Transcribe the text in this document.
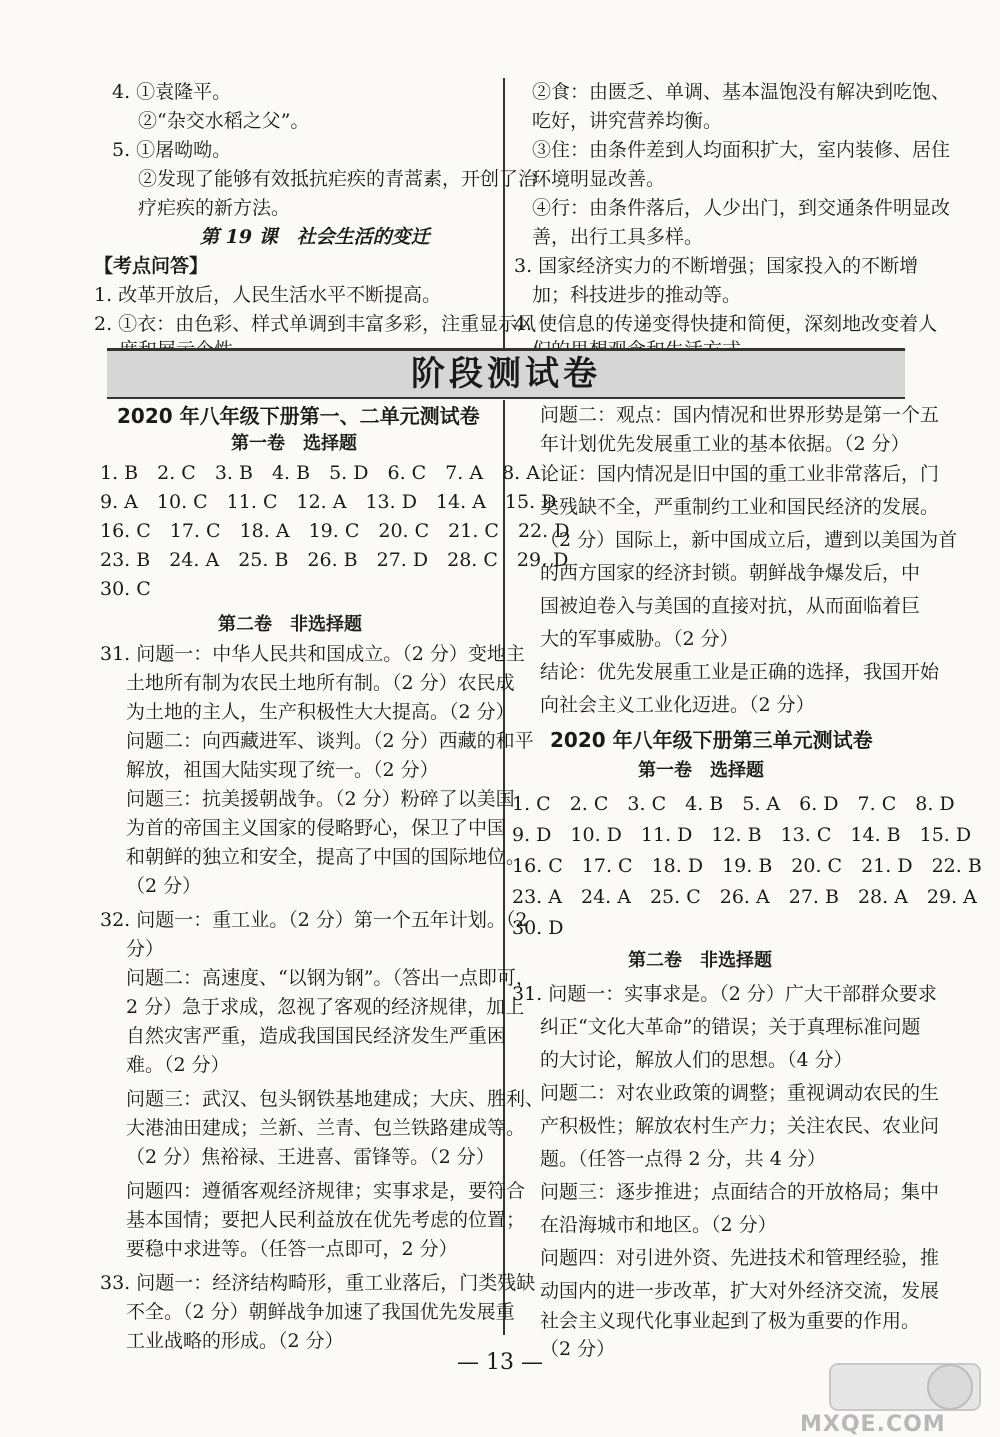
4. ①袁隆平。
②“杂交水稻之父”。
5. ①屠呦呦。
②发现了能够有效抵抗疟疾的青蒿素，开创了治
疗疟疾的新方法。
第 19 课　社会生活的变迁
【考点问答】
1. 改革开放后，人民生活水平不断提高。
2. ①衣：由色彩、样式单调到丰富多彩，注重显示风
②食：由匮乏、单调、基本温饱没有解决到吃饱、
吃好，讲究营养均衡。
③住：由条件差到人均面积扩大，室内装修、居住
环境明显改善。
④行：由条件落后，人少出门，到交通条件明显改
善，出行工具多样。
3. 国家经济实力的不断增强；国家投入的不断增
加；科技进步的推动等。
4. 使信息的传递变得快捷和简便，深刻地改变着人
阶段测试卷
2020 年八年级下册第一、二单元测试卷
第一卷　选择题
1. B　2. C　3. B　4. B　5. D　6. C　7. A　8. A
9. A　10. C　11. C　12. A　13. D　14. A　15. D
16. C　17. C　18. A　19. C　20. C　21. C　22. D
23. B　24. A　25. B　26. B　27. D　28. C　29. D
30. C
第二卷　非选择题
31. 问题一：中华人民共和国成立。（2 分）变地主
土地所有制为农民土地所有制。（2 分）农民成
为土地的主人，生产积极性大大提高。（2 分）
问题二：向西藏进军、谈判。（2 分）西藏的和平
解放，祖国大陆实现了统一。（2 分）
问题三：抗美援朝战争。（2 分）粉碎了以美国
为首的帝国主义国家的侵略野心，保卫了中国
和朝鲜的独立和安全，提高了中国的国际地位。
（2 分）
32. 问题一：重工业。（2 分）第一个五年计划。（2
分）
问题二：高速度、“以钢为钢”。（答出一点即可，
2 分）急于求成，忽视了客观的经济规律，加上
自然灾害严重，造成我国国民经济发生严重困
难。（2 分）
问题三：武汉、包头钢铁基地建成；大庆、胜利、
大港油田建成；兰新、兰青、包兰铁路建成等。
（2 分）焦裕禄、王进喜、雷锋等。（2 分）
问题四：遵循客观经济规律；实事求是，要符合
基本国情；要把人民利益放在优先考虑的位置；
要稳中求进等。（任答一点即可，2 分）
33. 问题一：经济结构畸形，重工业落后，门类残缺
不全。（2 分）朝鲜战争加速了我国优先发展重
工业战略的形成。（2 分）
问题二：观点：国内情况和世界形势是第一个五
年计划优先发展重工业的基本依据。（2 分）
论证：国内情况是旧中国的重工业非常落后，门
类残缺不全，严重制约工业和国民经济的发展。
（2 分）国际上，新中国成立后，遭到以美国为首
的西方国家的经济封锁。朝鲜战争爆发后，中
国被迫卷入与美国的直接对抗，从而面临着巨
大的军事威胁。（2 分）
结论：优先发展重工业是正确的选择，我国开始
向社会主义工业化迈进。（2 分）
2020 年八年级下册第三单元测试卷
第一卷　选择题
1. C　2. C　3. C　4. B　5. A　6. D　7. C　8. D
9. D　10. D　11. D　12. B　13. C　14. B　15. D
16. C　17. C　18. D　19. B　20. C　21. D　22. B
23. A　24. A　25. C　26. A　27. B　28. A　29. A
30. D
第二卷　非选择题
31. 问题一：实事求是。（2 分）广大干部群众要求
纠正“文化大革命”的错误；关于真理标准问题
的大讨论，解放人们的思想。（4 分）
问题二：对农业政策的调整；重视调动农民的生
产积极性；解放农村生产力；关注农民、农业问
题。（任答一点得 2 分，共 4 分）
问题三：逐步推进；点面结合的开放格局；集中
在沿海城市和地区。（2 分）
问题四：对引进外资、先进技术和管理经验，推
动国内的进一步改革，扩大对外经济交流，发展
社会主义现代化事业起到了极为重要的作用。
（2 分）
— 13 —
MXQE.COM
